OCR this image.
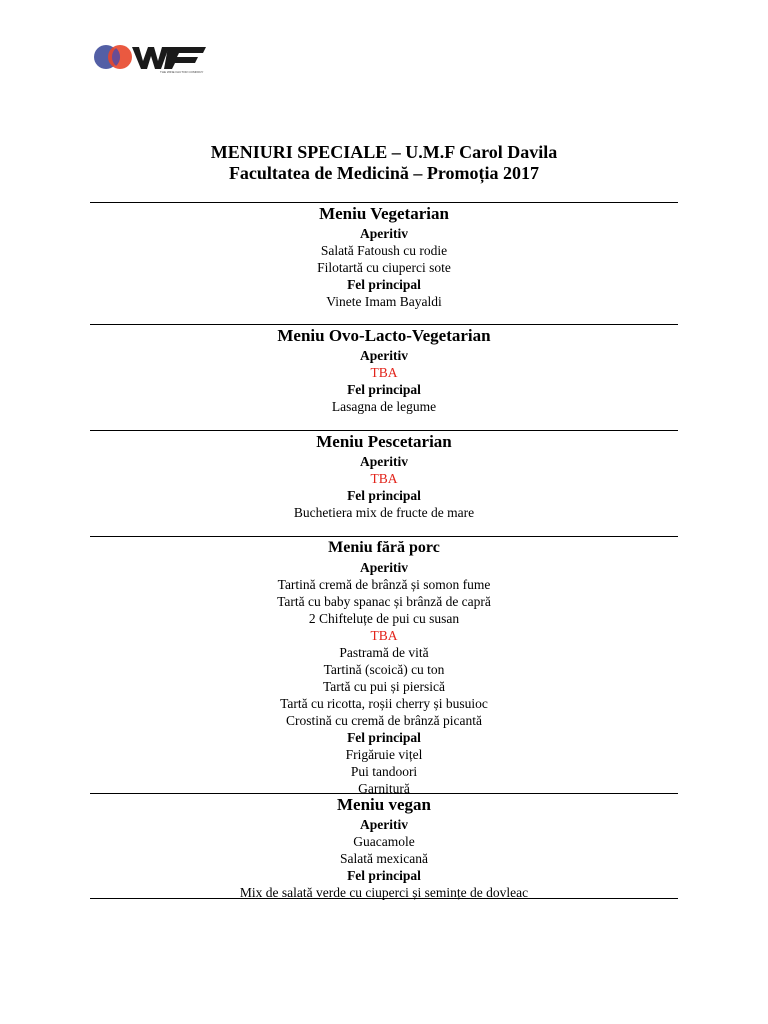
THE WINE FACTOR COMPANY
MENIURI SPECIALE – U.M.F Carol Davila
Facultatea de Medicină – Promoția 2017
Meniu Vegetarian
Aperitiv
Salată Fatoush cu rodie
Filotartă cu ciuperci sote
Fel principal
Vinete Imam Bayaldi
Meniu Ovo-Lacto-Vegetarian
Aperitiv
TBA
Fel principal
Lasagna de legume
Meniu Pescetarian
Aperitiv
TBA
Fel principal
Buchetiera mix de fructe de mare
Meniu fără porc
Aperitiv
Tartină cremă de brânză și somon fume
Tartă cu baby spanac și brânză de capră
2 Chifteluțe de pui cu susan
TBA
Pastramă de vită
Tartină (scoică) cu ton
Tartă cu pui și piersică
Tartă cu ricotta, roșii cherry și busuioc
Crostină cu cremă de brânză picantă
Fel principal
Frigăruie vițel
Pui tandoori
Garnitură
Meniu vegan
Aperitiv
Guacamole
Salată mexicană
Fel principal
Mix de salată verde cu ciuperci și semințe de dovleac
